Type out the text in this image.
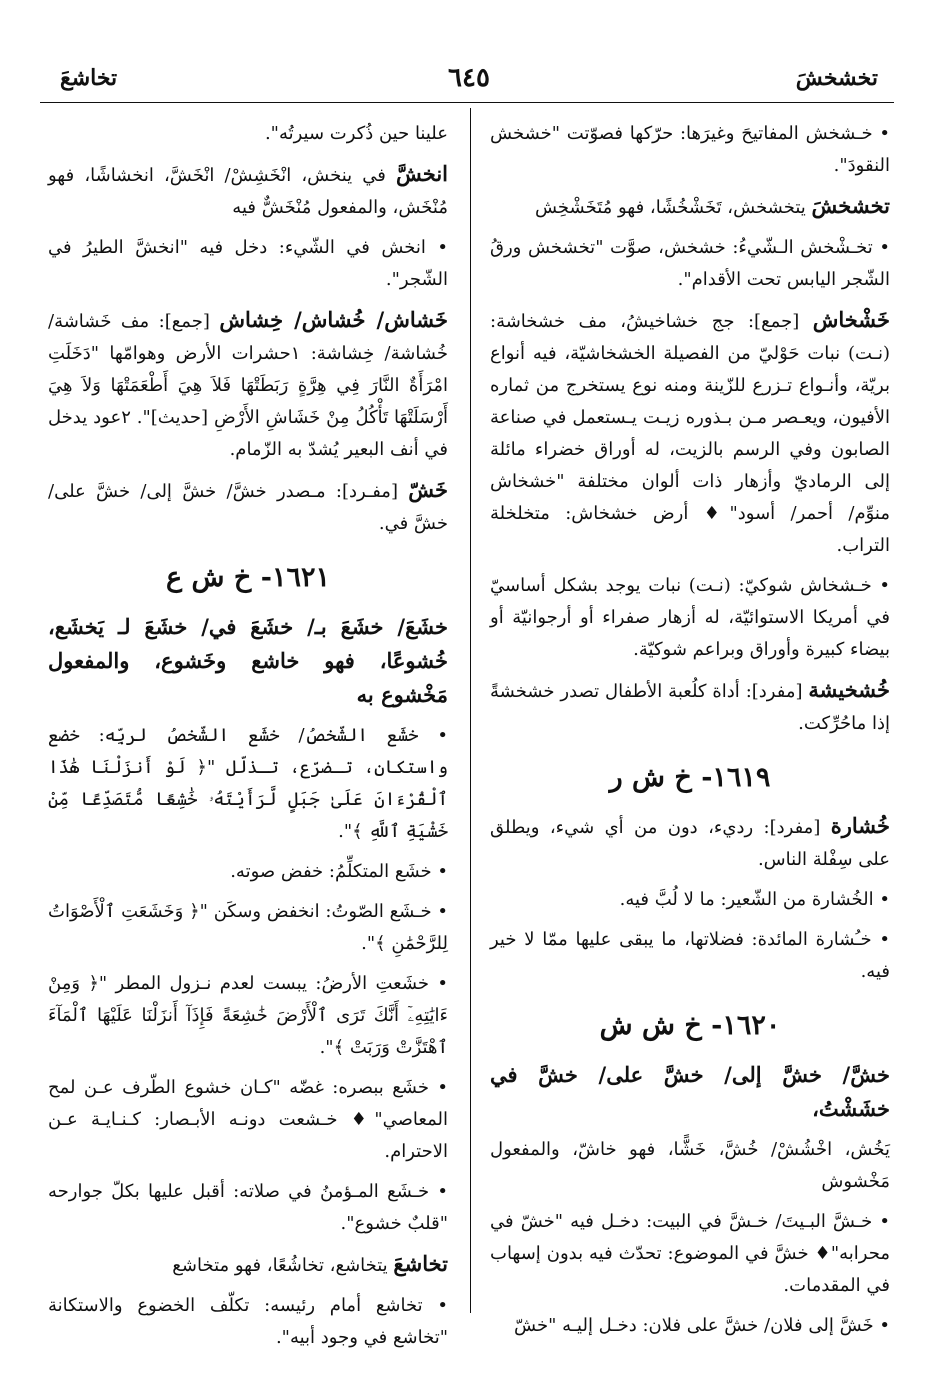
تخشخشَ
٦٤٥
تخاشعَ

• خـشخش المفاتيحَ وغيرَها: حرّكها فصوّتت "خشخش النقودَ".

تخشخشَ يتخشخش، تَخَشْخُشًا، فهو مُتَخَشْخِش

• تخـشْخش الـشّيءُ: خشخش، صوَّت "تخشخش ورقُ الشّجر اليابس تحت الأقدام".

خَشْخاش [جمع]: جج خشاخيشُ، مف خشخاشة: (نـت) نبات حَوْليّ من الفصيلة الخشخاشيّة، فيه أنواع بريّة، وأنـواع تـزرع للزّينة ومنه نوع يستخرج من ثماره الأفيون، ويعـصر مـن بـذوره زيـت يـستعمل في صناعة الصابون وفي الرسم بالزيت، له أوراق خضراء مائلة إلى الرماديّ وأزهار ذات ألوان مختلفة "خشخاش منوِّم/ أحمر/ أسود"♦ أرض خشخاش: متخلخلة التراب.

• خـشخاش شوكيّ: (نـت) نبات يوجد بشكل أساسيّ في أمريكا الاستوائيّة، له أزهار صفراء أو أرجوانيّة أو بيضاء كبيرة وأوراق وبراعم شوكيّة.

خُشخيشة [مفرد]: أداة كلُعبة الأطفال تصدر خشخشةً إذا ماحُرِّكت.

١٦١٩- خ ش ر

خُشارة [مفرد]: رديء، دون من أي شيء، ويطلق على سِفْلة الناس.

• الخُشارة من الشّعير: ما لا لُبَّ فيه.

• خـُشارة المائدة: فضلاتها، ما يبقى عليها ممّا لا خير فيه.

١٦٢٠- خ ش ش

خشَّ/ خشَّ إلى/ خشَّ على/ خشَّ في خشَشْتُ،

يَخُش، اخْشُشْ/ خُشَّ، خَشًّا، فهو خاشّ، والمفعول مَخْشوش

• خـشَّ البـيتَ/ خـشَّ في البيت: دخـل فيه "خشّ في محرابه"♦ خشَّ في الموضوع: تحدّث فيه بدون إسهاب في المقدمات.

• خَشَّ إلى فلان/ خشَّ على فلان: دخـل إليـه "خشّ

علينا حين ذُكرت سيرتُه".

انخشَّ في ينخش، انْخَشِشْ/ انْخَشَّ، انخشاشًا، فهو مُنْخَش، والمفعول مُنْخَشٌّ فيه

• انخش في الشّيء: دخل فيه "انخشَّ الطيرُ في الشّجر".

خَشاش/ خُشاش/ خِشاش [جمع]: مف خَشاشة/ خُشاشة/ خِشاشة: ١حشرات الأرض وهوامّها "دَخَلَتِ امْرَأَةٌ النَّارَ فِي هِرَّةٍ رَبَطَتْهَا فَلاَ هِيَ أَطْعَمَتْهَا وَلاَ هِيَ أَرْسَلَتْهَا تَأْكُلُ مِنْ خَشَاشِ الأَرْضِ [حديث]". ٢عود يدخل في أنف البعير يُشدّ به الزّمام.

خَشّ [مفـرد]: مـصدر خشَّ/ خشَّ إلى/ خشَّ على/ خشَّ في.

١٦٢١- خ ش ع

خشَعَ/ خشَعَ بـ/ خشَعَ في/ خشَعَ لـ يَخشَع، خُشوعًا، فهو خاشع وخَشوع، والمفعول مَخْشوع به

• خشَع الشّخصُ/ خشَع الشّخصُ لربِّه: خضع واستكان، تـضرّع، تـذلّل "﴿ لَوْ أَنزَلْنَا هَٰذَا ٱلْقُرْءَانَ عَلَىٰ جَبَلٍ لَّرَأَيْتَهُۥ خَٰشِعًا مُّتَصَدِّعًا مِّنْ خَشْيَةِ ٱللَّهِ ﴾".

• خشَع المتكلِّمُ: خفض صوته.

• خـشَع الصّوتُ: انخفض وسكَن "﴿ وَخَشَعَتِ ٱلْأَصْوَاتُ لِلرَّحْمَٰنِ ﴾".

• خشَعتِ الأرضُ: يبست لعدم نـزول المطر "﴿ وَمِنْ ءَايَٰتِهِۦٓ أَنَّكَ تَرَى ٱلْأَرْضَ خَٰشِعَةً فَإِذَآ أَنزَلْنَا عَلَيْهَا ٱلْمَآءَ ٱهْتَزَّتْ وَرَبَتْ ﴾".

• خشَع ببصره: غضّه "كـان خشوع الطّرف عـن لمح المعاصي"♦ خـشعت دونـه الأبـصار: كـنـايـة عـن الاحترام.

• خـشَع المـؤمنُ في صلاته: أقبل عليها بكلّ جوارحه "قلبٌ خشوع".

تخاشعَ يتخاشع، تخاشُعًا، فهو متخاشع

• تخاشع أمام رئيسه: تكلّف الخضوع والاستكانة "تخاشع في وجود أبيه".
